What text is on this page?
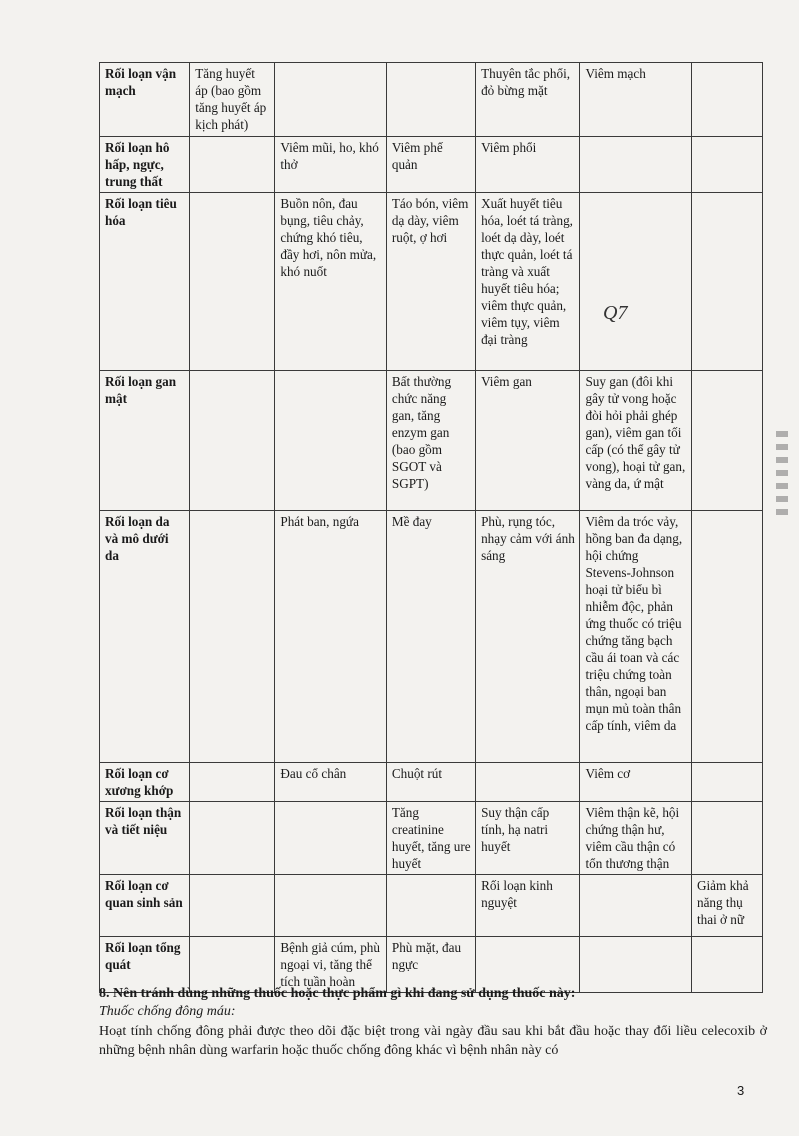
Rối loạn vận mạch	Tăng huyết áp (bao gồm tăng huyết áp kịch phát)			Thuyên tắc phổi, đỏ bừng mặt	Viêm mạch	
Rối loạn hô hấp, ngực, trung thất		Viêm mũi, ho, khó thở	Viêm phế quản	Viêm phổi		
Rối loạn tiêu hóa		Buồn nôn, đau bụng, tiêu chảy, chứng khó tiêu, đầy hơi, nôn mửa, khó nuốt	Táo bón, viêm dạ dày, viêm ruột, ợ hơi	Xuất huyết tiêu hóa, loét tá tràng, loét dạ dày, loét thực quản, loét tá tràng và xuất huyết tiêu hóa; viêm thực quản, viêm tụy, viêm đại tràng		
Rối loạn gan mật			Bất thường chức năng gan, tăng enzym gan (bao gồm SGOT và SGPT)	Viêm gan	Suy gan (đôi khi gây tử vong hoặc đòi hỏi phải ghép gan), viêm gan tối cấp (có thể gây tử vong), hoại tử gan, vàng da, ứ mật	
Rối loạn da và mô dưới da		Phát ban, ngứa	Mề đay	Phù, rụng tóc, nhạy cảm với ánh sáng	Viêm da tróc vảy, hồng ban đa dạng, hội chứng Stevens-Johnson hoại tử biểu bì nhiễm độc, phản ứng thuốc có triệu chứng tăng bạch cầu ái toan và các triệu chứng toàn thân, ngoại ban mụn mủ toàn thân cấp tính, viêm da	
Rối loạn cơ xương khớp		Đau cổ chân	Chuột rút		Viêm cơ	
Rối loạn thận và tiết niệu			Tăng creatinine huyết, tăng ure huyết	Suy thận cấp tính, hạ natri huyết	Viêm thận kẽ, hội chứng thận hư, viêm cầu thận có tổn thương thận	
Rối loạn cơ quan sinh sản				Rối loạn kinh nguyệt		Giảm khả năng thụ thai ở nữ
Rối loạn tổng quát		Bệnh giả cúm, phù ngoại vi, tăng thể tích tuần hoàn	Phù mặt, đau ngực			
Q7
8. Nên tránh dùng những thuốc hoặc thực phẩm gì khi đang sử dụng thuốc này:
Thuốc chống đông máu:
Hoạt tính chống đông phải được theo dõi đặc biệt trong vài ngày đầu sau khi bắt đầu hoặc thay đổi liều celecoxib ở những bệnh nhân dùng warfarin hoặc thuốc chống đông khác vì bệnh nhân này có
3
